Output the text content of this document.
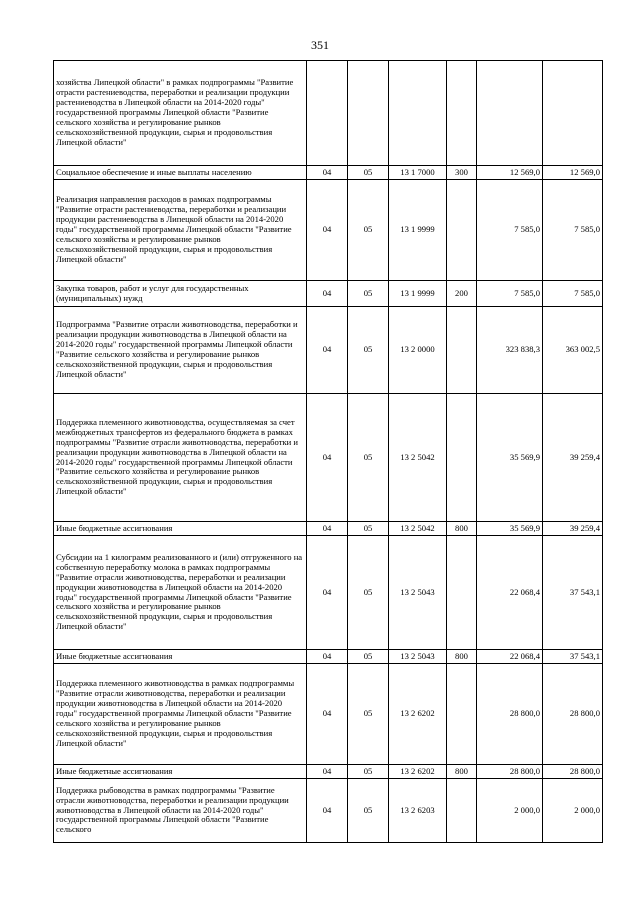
351
хозяйства Липецкой области" в рамках подпрограммы "Развитие отрасти растениеводства, переработки и реализации продукции растениеводства в Липецкой области на 2014-2020 годы" государственной программы Липецкой области "Развитие сельского хозяйства и регулирование рынков сельскохозяйственной продукции, сырья и продовольствия Липецкой области"						
Социальное обеспечение и иные выплаты населению	04	05	13 1 7000	300	12 569,0	12 569,0
Реализация направления расходов в рамках подпрограммы "Развитие отрасти растениеводства, переработки и реализации продукции растениеводства в Липецкой области на 2014-2020 годы" государственной программы Липецкой области "Развитие сельского хозяйства и регулирование рынков сельскохозяйственной продукции, сырья и продовольствия Липецкой области"	04	05	13 1 9999		7 585,0	7 585,0
Закупка товаров, работ и услуг для государственных (муниципальных) нужд	04	05	13 1 9999	200	7 585,0	7 585,0
Подпрограмма "Развитие отрасли животноводства, переработки и реализации продукции животноводства в Липецкой области на 2014-2020 годы" государственной программы Липецкой области "Развитие сельского хозяйства и регулирование рынков сельскохозяйственной продукции, сырья и продовольствия Липецкой области"	04	05	13 2 0000		323 838,3	363 002,5
Поддержка племенного животноводства, осуществляемая за счет межбюджетных трансфертов из федерального бюджета в рамках подпрограммы "Развитие отрасли животноводства, переработки и реализации продукции животноводства в Липецкой области на 2014-2020 годы" государственной программы Липецкой области "Развитие сельского хозяйства и регулирование рынков сельскохозяйственной продукции, сырья и продовольствия Липецкой области"	04	05	13 2 5042		35 569,9	39 259,4
Иные бюджетные ассигнования	04	05	13 2 5042	800	35 569,9	39 259,4
Субсидии на 1 килограмм реализованного и (или) отгруженного на собственную переработку молока в рамках подпрограммы "Развитие отрасли животноводства, переработки и реализации продукции животноводства в Липецкой области на 2014-2020 годы" государственной программы Липецкой области "Развитие сельского хозяйства и регулирование рынков сельскохозяйственной продукции, сырья и продовольствия Липецкой области"	04	05	13 2 5043		22 068,4	37 543,1
Иные бюджетные ассигнования	04	05	13 2 5043	800	22 068,4	37 543,1
Поддержка племенного животноводства в рамках подпрограммы "Развитие отрасли животноводства, переработки и реализации продукции животноводства в Липецкой области на 2014-2020 годы" государственной программы Липецкой области "Развитие сельского хозяйства и регулирование рынков сельскохозяйственной продукции, сырья и продовольствия Липецкой области"	04	05	13 2 6202		28 800,0	28 800,0
Иные бюджетные ассигнования	04	05	13 2 6202	800	28 800,0	28 800,0
Поддержка рыбоводства в рамках подпрограммы "Развитие отрасли животноводства, переработки и реализации продукции животноводства в Липецкой области на 2014-2020 годы" государственной программы Липецкой области "Развитие сельского	04	05	13 2 6203		2 000,0	2 000,0
